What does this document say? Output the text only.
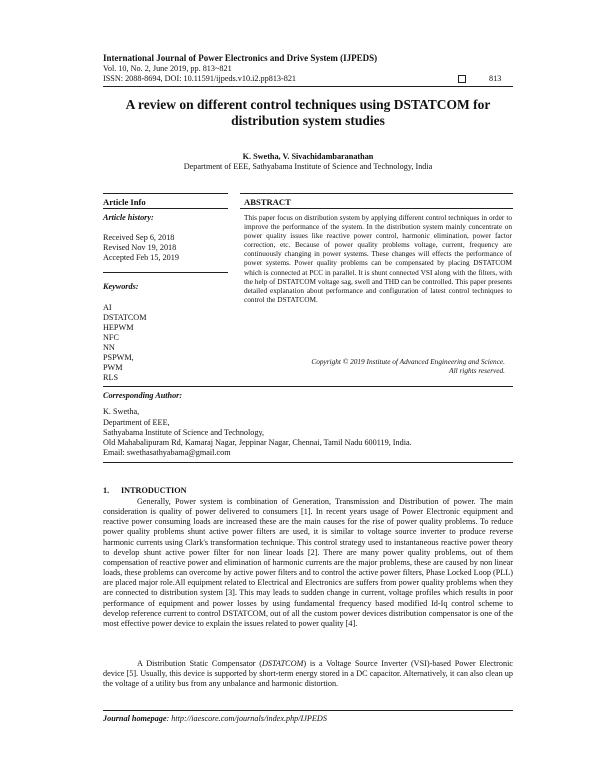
International Journal of Power Electronics and Drive System (IJPEDS)
Vol. 10, No. 2, June 2019, pp. 813~821
ISSN: 2088-8694, DOI: 10.11591/ijpeds.v10.i2.pp813-821	813
A review on different control techniques using DSTATCOM for
distribution system studies
K. Swetha, V. Sivachidambaranathan
Department of EEE, Sathyabama Institute of Science and Technology, India
Article Info	ABSTRACT
Article history:
Received Sep 6, 2018
Revised Nov 19, 2018
Accepted Feb 15, 2019
Keywords:
AI
DSTATCOM
HEPWM
NFC
NN
PSPWM,
PWM
RLS
This paper focus on distribution system by applying different control techniques in order to improve the performance of the system. In the distribution system mainly concentrate on power quality issues like reactive power control, harmonic elimination, power factor correction, etc. Because of power quality problems voltage, current, frequency are continuously changing in power systems. These changes will effects the performance of power systems. Power quality problems can be compensated by placing DSTATCOM which is connected at PCC in parallel. It is shunt connected VSI along with the filters, with the help of DSTATCOM voltage sag, swell and THD can be controlled. This paper presents detailed explanation about performance and configuration of latest control techniques to control the DSTATCOM.
Copyright © 2019 Institute of Advanced Engineering and Science.
All rights reserved.
Corresponding Author:
K. Swetha,
Department of EEE,
Sathyabama Institute of Science and Technology,
Old Mahabalipuram Rd, Kamaraj Nagar, Jeppinar Nagar, Chennai, Tamil Nadu 600119, India.
Email: swethasathyabama@gmail.com
1. INTRODUCTION
Generally, Power system is combination of Generation, Transmission and Distribution of power. The main consideration is quality of power delivered to consumers [1]. In recent years usage of Power Electronic equipment and reactive power consuming loads are increased these are the main causes for the rise of power quality problems. To reduce power quality problems shunt active power filters are used, it is similar to voltage source inverter to produce reverse harmonic currents using Clark's transformation technique. This control strategy used to instantaneous reactive power theory to develop shunt active power filter for non linear loads [2]. There are many power quality problems, out of them compensation of reactive power and elimination of harmonic currents are the major problems, these are caused by non linear loads, these problems can overcome by active power filters and to control the active power filters, Phase Locked Loop (PLL) are placed major role.All equipment related to Electrical and Electronics are suffers from power quality problems when they are connected to distribution system [3]. This may leads to sudden change in current, voltage profiles which results in poor performance of equipment and power losses by using fundamental frequency based modified Id-Iq control scheme to develop reference current to control DSTATCOM, out of all the custom power devices distribution compensator is one of the most effective power device to explain the issues related to power quality [4].
A Distribution Static Compensator (DSTATCOM) is a Voltage Source Inverter (VSI)-based Power Electronic device [5]. Usually, this device is supported by short-term energy stored in a DC capacitor. Alternatively, it can also clean up the voltage of a utility bus from any unbalance and harmonic distortion.
Journal homepage: http://iaescore.com/journals/index.php/IJPEDS
